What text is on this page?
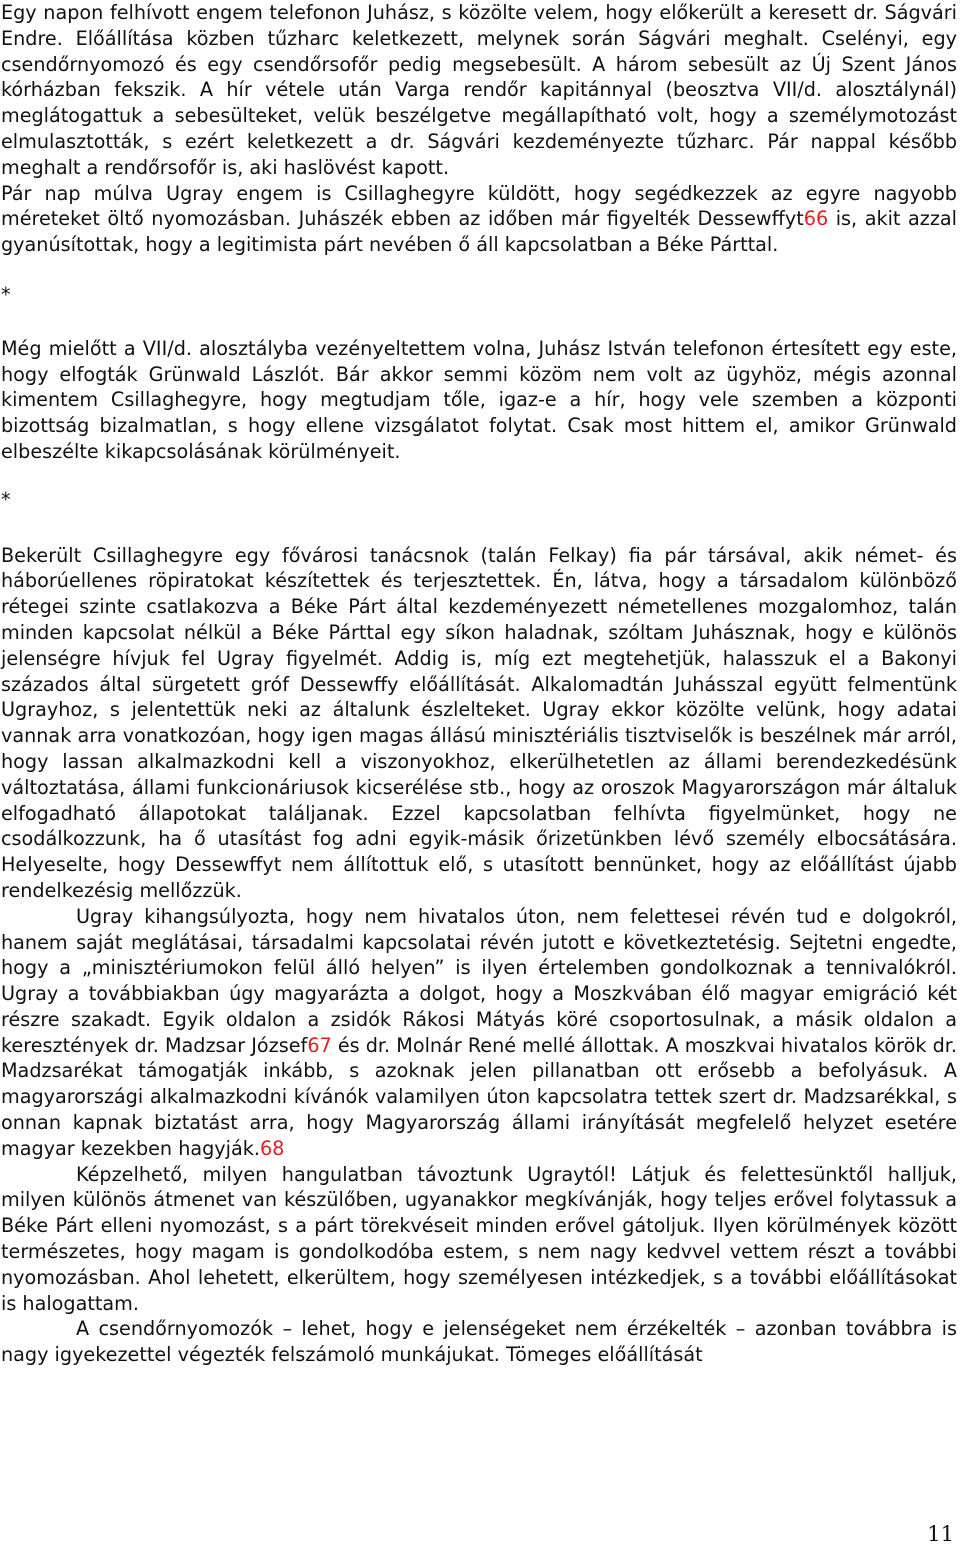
Egy napon felhívott engem telefonon Juhász, s közölte velem, hogy előkerült a keresett dr. Ságvári Endre. Előállítása közben tűzharc keletkezett, melynek során Ságvári meghalt. Cselényi, egy csendőrnyomozó és egy csendőrsofőr pedig megsebesült. A három sebesült az Új Szent János kórházban fekszik. A hír vétele után Varga rendőr kapitánnyal (beosztva VII/d. alosztálynál) meglátogattuk a sebesülteket, velük beszélgetve megállapítható volt, hogy a személymotozást elmulasztották, s ezért keletkezett a dr. Ságvári kezdeményezte tűzharc. Pár nappal később meghalt a rendőrsofőr is, aki haslövést kapott.

Pár nap múlva Ugray engem is Csillaghegyre küldött, hogy segédkezzek az egyre nagyobb méreteket öltő nyomozásban. Juhászék ebben az időben már figyelték Dessewffyt66 is, akit azzal gyanúsítottak, hogy a legitimista párt nevében ő áll kapcsolatban a Béke Párttal.

*

Még mielőtt a VII/d. alosztályba vezényeltettem volna, Juhász István telefonon értesített egy este, hogy elfogták Grünwald Lászlót. Bár akkor semmi közöm nem volt az ügyhöz, mégis azonnal kimentem Csillaghegyre, hogy megtudjam tőle, igaz-e a hír, hogy vele szemben a központi bizottság bizalmatlan, s hogy ellene vizsgálatot folytat. Csak most hittem el, amikor Grünwald elbeszélte kikapcsolásának körülményeit.

*

Bekerült Csillaghegyre egy fővárosi tanácsnok (talán Felkay) fia pár társával, akik német- és háborúellenes röpiratokat készítettek és terjesztettek. Én, látva, hogy a társadalom különböző rétegei szinte csatlakozva a Béke Párt által kezdeményezett németellenes mozgalomhoz, talán minden kapcsolat nélkül a Béke Párttal egy síkon haladnak, szóltam Juhásznak, hogy e különös jelenségre hívjuk fel Ugray figyelmét. Addig is, míg ezt megtehetjük, halasszuk el a Bakonyi százados által sürgetett gróf Dessewffy előállítását. Alkalomadtán Juhásszal együtt felmentünk Ugrayhoz, s jelentettük neki az általunk észlelteket. Ugray ekkor közölte velünk, hogy adatai vannak arra vonatkozóan, hogy igen magas állású minisztériális tisztviselők is beszélnek már arról, hogy lassan alkalmazkodni kell a viszonyokhoz, elkerülhetetlen az állami berendezkedésünk változtatása, állami funkcionáriusok kicserélése stb., hogy az oroszok Magyarországon már általuk elfogadható állapotokat találjanak. Ezzel kapcsolatban felhívta figyelmünket, hogy ne csodálkozzunk, ha ő utasítást fog adni egyik-másik őrizetünkben lévő személy elbocsátására. Helyeselte, hogy Dessewffyt nem állítottuk elő, s utasított bennünket, hogy az előállítást újabb rendelkezésig mellőzzük.

Ugray kihangsúlyozta, hogy nem hivatalos úton, nem felettesei révén tud e dolgokról, hanem saját meglátásai, társadalmi kapcsolatai révén jutott e következtetésig. Sejtetni engedte, hogy a „minisztériumokon felül álló helyen” is ilyen értelemben gondolkoznak a tennivalókról. Ugray a továbbiakban úgy magyarázta a dolgot, hogy a Moszkvában élő magyar emigráció két részre szakadt. Egyik oldalon a zsidók Rákosi Mátyás köré csoportosulnak, a másik oldalon a keresztények dr. Madzsar József67 és dr. Molnár René mellé állottak. A moszkvai hivatalos körök dr. Madzsarékat támogatják inkább, s azoknak jelen pillanatban ott erősebb a befolyásuk. A magyarországi alkalmazkodni kívánók valamilyen úton kapcsolatra tettek szert dr. Madzsarékkal, s onnan kapnak biztatást arra, hogy Magyarország állami irányítását megfelelő helyzet esetére magyar kezekben hagyják.68

Képzelhető, milyen hangulatban távoztunk Ugraytól! Látjuk és felettesünktől halljuk, milyen különös átmenet van készülőben, ugyanakkor megkívánják, hogy teljes erővel folytassuk a Béke Párt elleni nyomozást, s a párt törekvéseit minden erővel gátoljuk. Ilyen körülmények között természetes, hogy magam is gondolkodóba estem, s nem nagy kedvvel vettem részt a további nyomozásban. Ahol lehetett, elkerültem, hogy személyesen intézkedjek, s a további előállításokat is halogattam.

A csendőrnyomozók – lehet, hogy e jelenségeket nem érzékelték – azonban továbbra is nagy igyekezettel végezték felszámoló munkájukat. Tömeges előállítását

11
